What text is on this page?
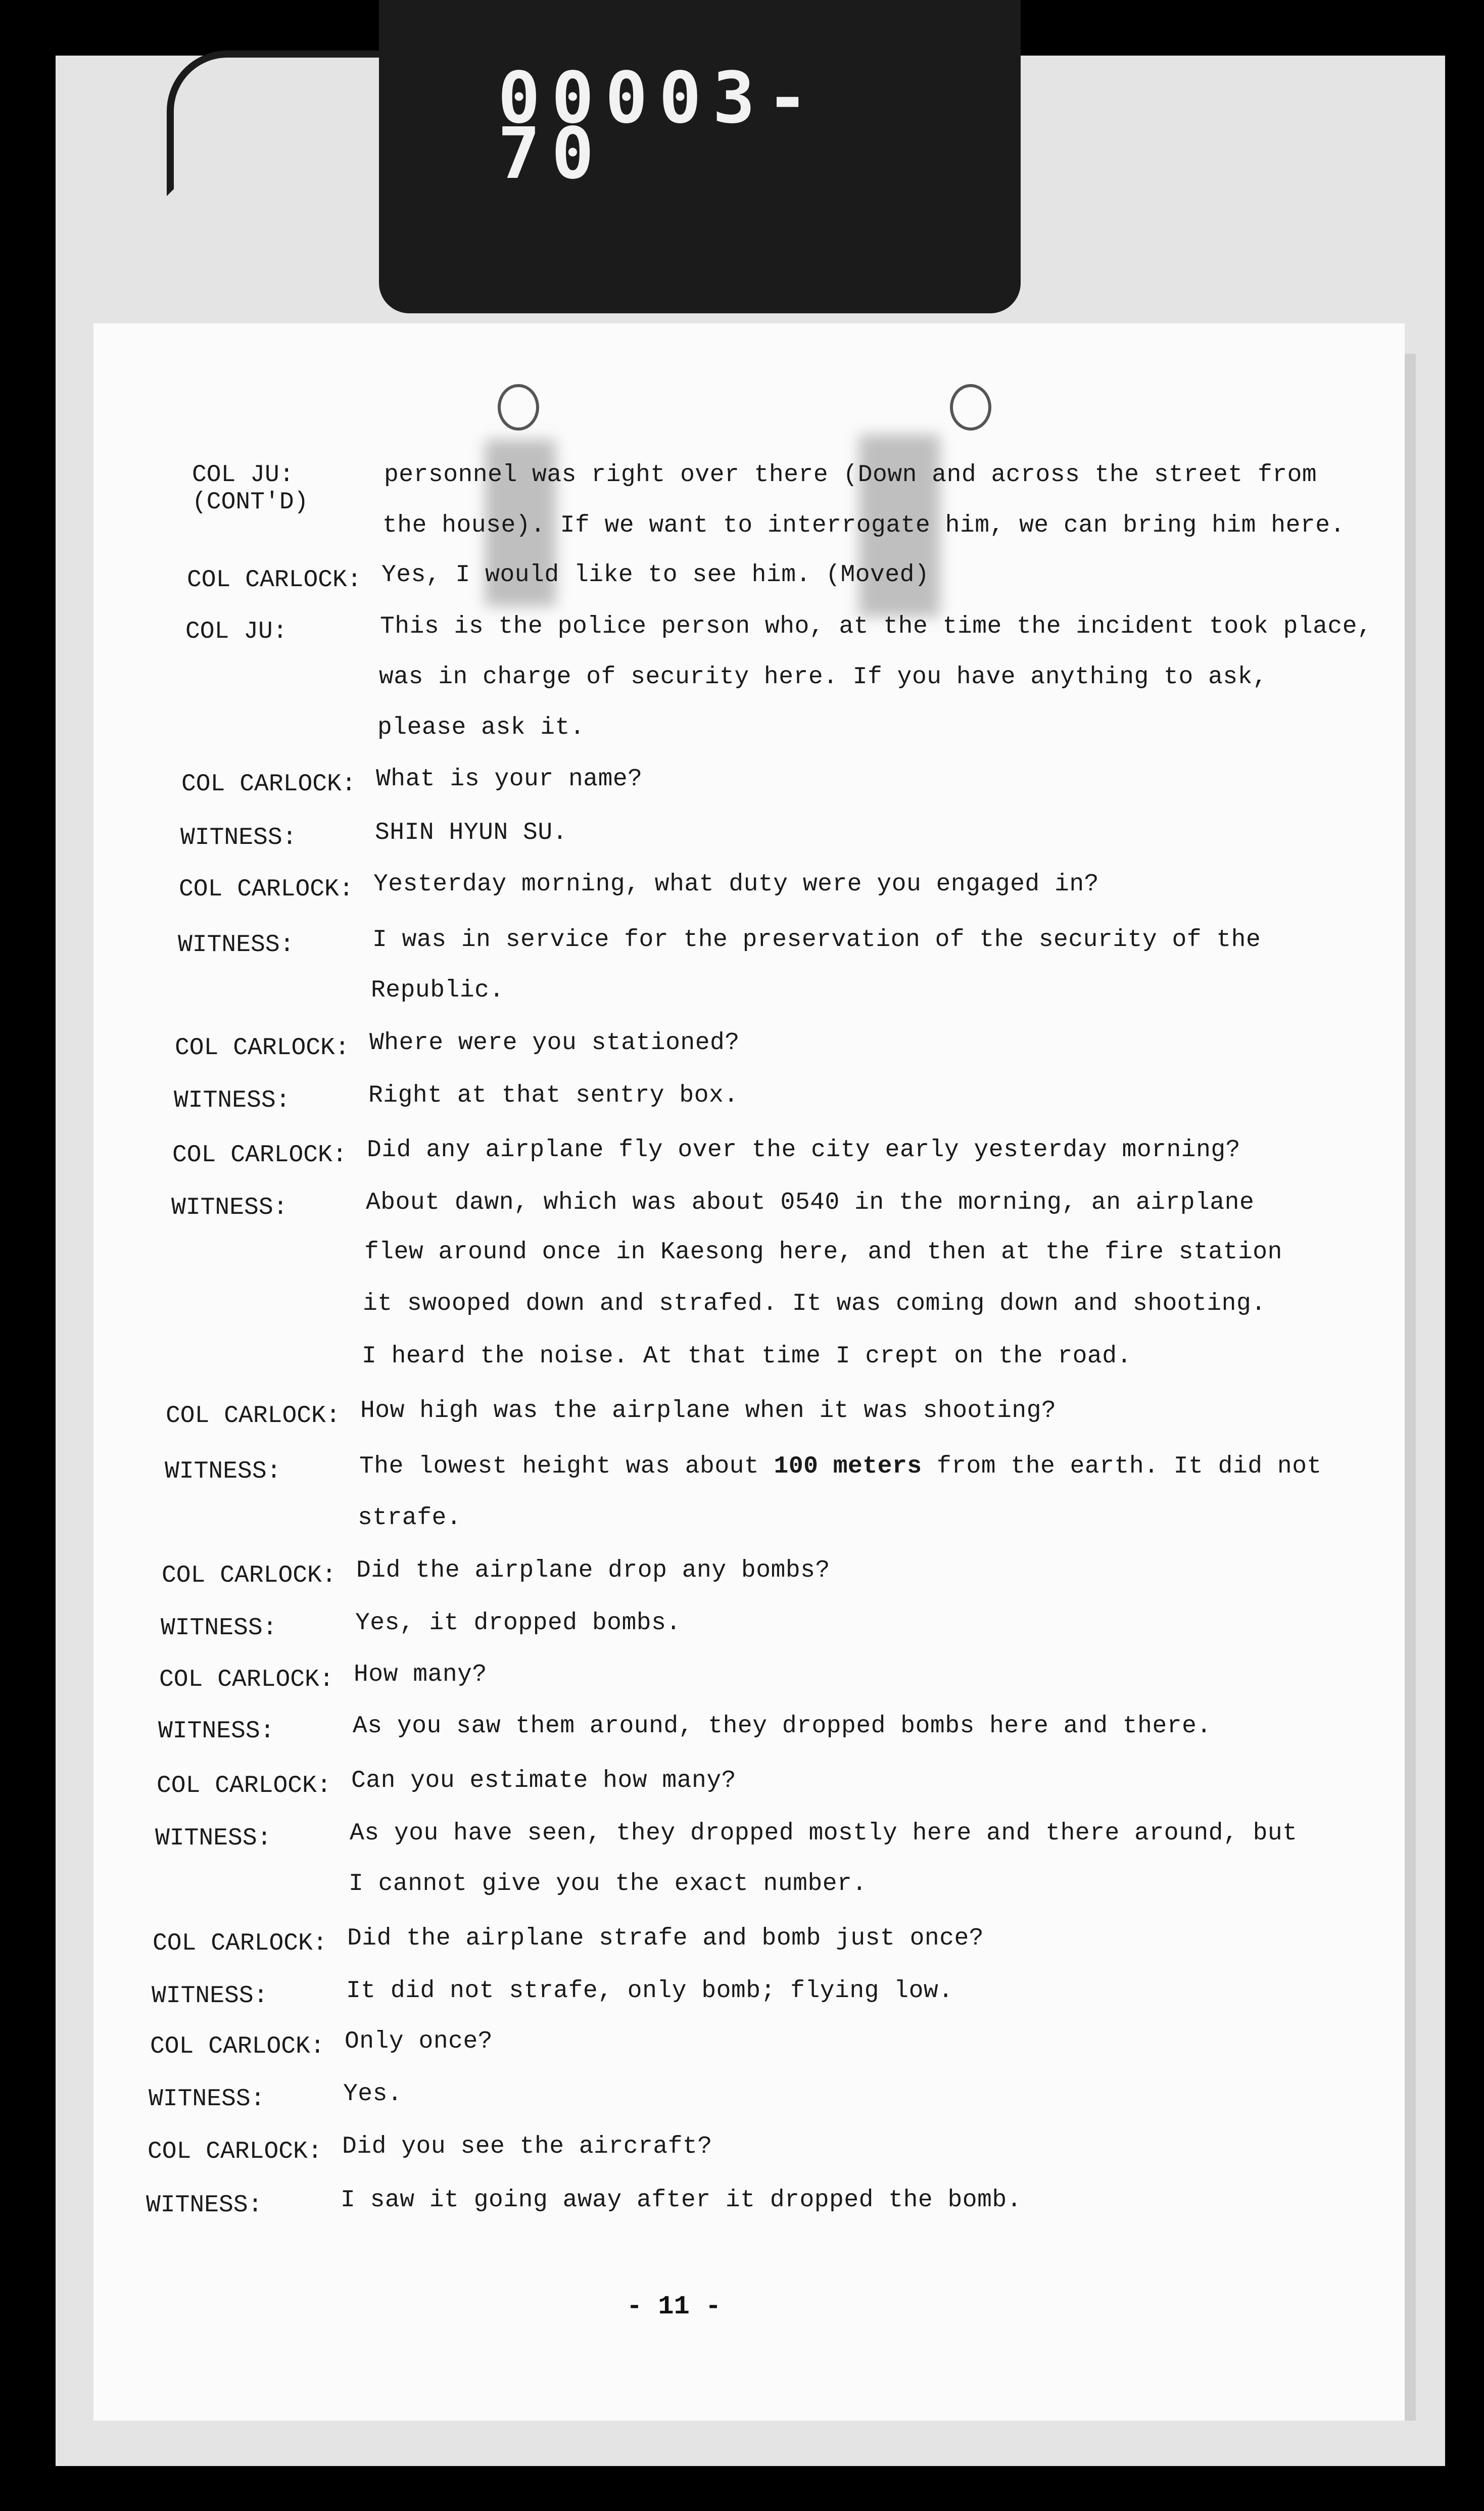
00003-70

COL JU:

(CONT'D)

personnel was right over there (Down and across the street from

the house). If we want to interrogate him, we can bring him here.

COL CARLOCK: Yes, I would like to see him. (Moved)

COL JU:	This is the police person who, at the time the incident took place,

was in charge of security here. If you have anything to ask,

please ask it.

COL CARLOCK: What is your name?

WITNESS:	SHIN HYUN SU.

COL CARLOCK: Yesterday morning, what duty were you engaged in?

WITNESS:	I was in service for the preservation of the security of the

Republic.

COL CARLOCK: Where were you stationed?

WITNESS:	Right at that sentry box.

COL CARLOCK: Did any airplane fly over the city early yesterday morning?

WITNESS:	About dawn, which was about 0540 in the morning, an airplane

flew around once in Kaesong here, and then at the fire station

it swooped down and strafed. It was coming down and shooting.

I heard the noise. At that time I crept on the road.

COL CARLOCK: How high was the airplane when it was shooting?

WITNESS:	The lowest height was about 100 meters from the earth. It did not

strafe.

COL CARLOCK: Did the airplane drop any bombs?

WITNESS:	Yes, it dropped bombs.

COL CARLOCK: How many?

WITNESS:	As you saw them around, they dropped bombs here and there.

COL CARLOCK: Can you estimate how many?

WITNESS:	As you have seen, they dropped mostly here and there around, but

I cannot give you the exact number.

COL CARLOCK: Did the airplane strafe and bomb just once?

WITNESS:	It did not strafe, only bomb; flying low.

COL CARLOCK: Only once?

WITNESS:	Yes.

COL CARLOCK: Did you see the aircraft?

WITNESS:	I saw it going away after it dropped the bomb.

- 11 -
